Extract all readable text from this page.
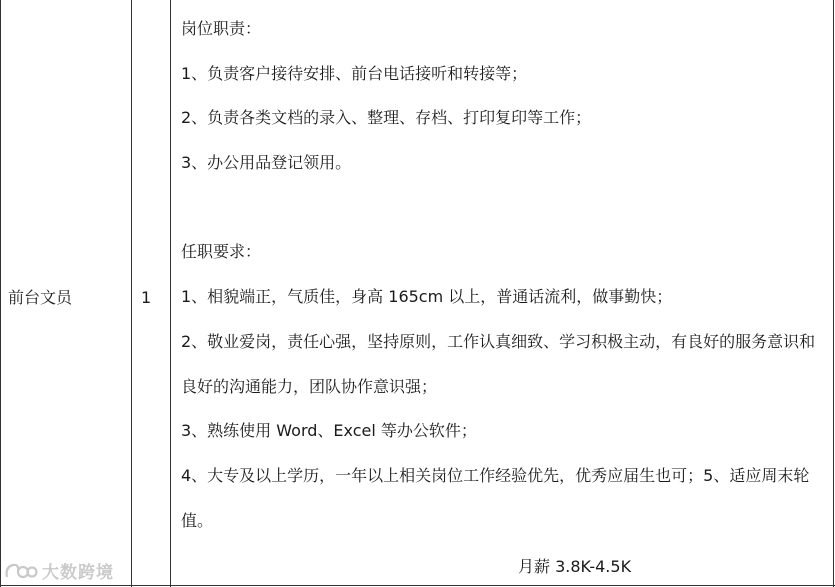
前台文员	1
岗位职责：
1、负责客户接待安排、前台电话接听和转接等；
2、负责各类文档的录入、整理、存档、打印复印等工作；
3、办公用品登记领用。
任职要求：
1、相貌端正，气质佳，身高 165cm 以上，普通话流利，做事勤快；
2、敬业爱岗，责任心强，坚持原则，工作认真细致、学习积极主动，有良好的服务意识和良好的沟通能力，团队协作意识强；
3、熟练使用 Word、Excel 等办公软件；
4、大专及以上学历，一年以上相关岗位工作经验优先，优秀应届生也可；5、适应周末轮值。
月薪 3.8K-4.5K
大数跨境
